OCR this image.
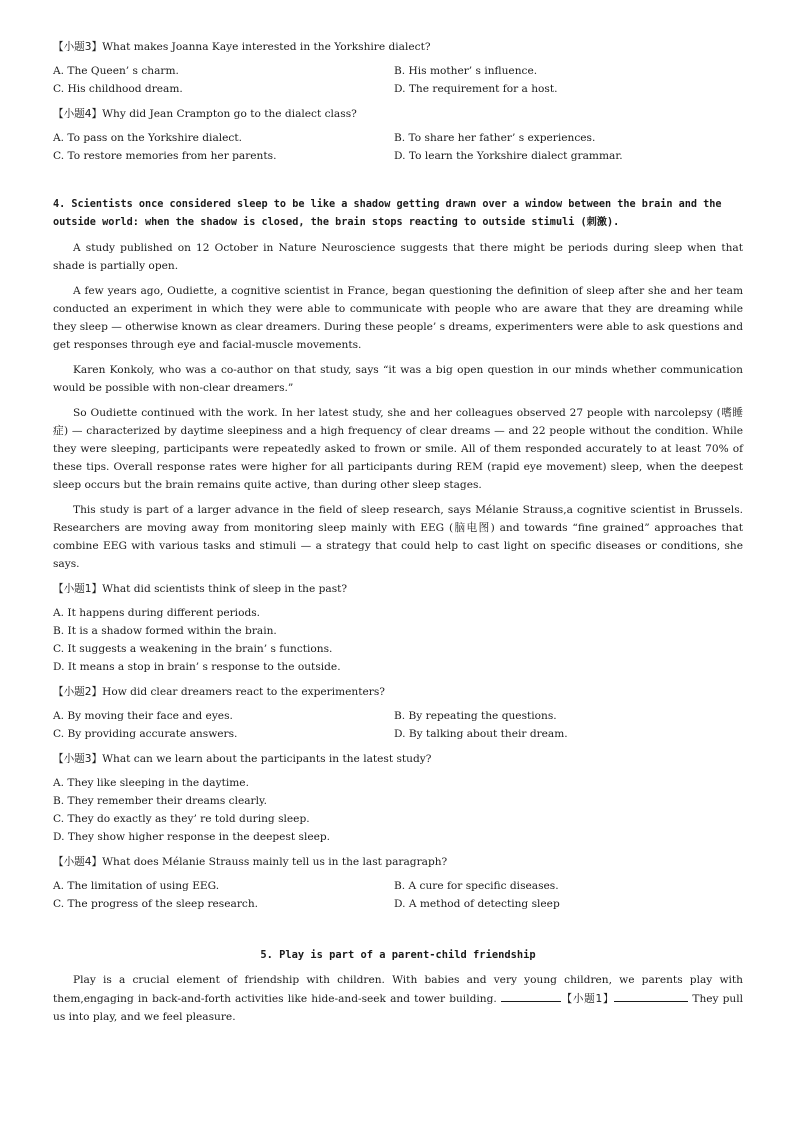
【小题3】What makes Joanna Kaye interested in the Yorkshire dialect?
A. The Queen’ s charm.	B. His mother’ s influence.
C. His childhood dream.	D. The requirement for a host.
【小题4】Why did Jean Crampton go to the dialect class?
A. To pass on the Yorkshire dialect.	B. To share her father’ s experiences.
C. To restore memories from her parents.	D. To learn the Yorkshire dialect grammar.
4. Scientists once considered sleep to be like a shadow getting drawn over a window between the brain and the outside world: when the shadow is closed, the brain stops reacting to outside stimuli (刺激).
A study published on 12 October in Nature Neuroscience suggests that there might be periods during sleep when that shade is partially open.
A few years ago, Oudiette, a cognitive scientist in France, began questioning the definition of sleep after she and her team conducted an experiment in which they were able to communicate with people who are aware that they are dreaming while they sleep — otherwise known as clear dreamers. During these people’ s dreams, experimenters were able to ask questions and get responses through eye and facial-muscle movements.
Karen Konkoly, who was a co-author on that study, says “it was a big open question in our minds whether communication would be possible with non-clear dreamers.”
So Oudiette continued with the work. In her latest study, she and her colleagues observed 27 people with narcolepsy (嗜睡症) — characterized by daytime sleepiness and a high frequency of clear dreams — and 22 people without the condition. While they were sleeping, participants were repeatedly asked to frown or smile. All of them responded accurately to at least 70% of these tips. Overall response rates were higher for all participants during REM (rapid eye movement) sleep, when the deepest sleep occurs but the brain remains quite active, than during other sleep stages.
This study is part of a larger advance in the field of sleep research, says Mélanie Strauss,a cognitive scientist in Brussels. Researchers are moving away from monitoring sleep mainly with EEG (脑电图) and towards “fine grained” approaches that combine EEG with various tasks and stimuli — a strategy that could help to cast light on specific diseases or conditions, she says.
【小题1】What did scientists think of sleep in the past?
A. It happens during different periods.
B. It is a shadow formed within the brain.
C. It suggests a weakening in the brain’ s functions.
D. It means a stop in brain’ s response to the outside.
【小题2】How did clear dreamers react to the experimenters?
A. By moving their face and eyes.	B. By repeating the questions.
C. By providing accurate answers.	D. By talking about their dream.
【小题3】What can we learn about the participants in the latest study?
A. They like sleeping in the daytime.
B. They remember their dreams clearly.
C. They do exactly as they’ re told during sleep.
D. They show higher response in the deepest sleep.
【小题4】What does Mélanie Strauss mainly tell us in the last paragraph?
A. The limitation of using EEG.	B. A cure for specific diseases.
C. The progress of the sleep research.	D. A method of detecting sleep
5. Play is part of a parent-child friendship
Play is a crucial element of friendship with children. With babies and very young children, we parents play with them,engaging in back-and-forth activities like hide-and-seek and tower building.	【小题1】	They pull us into play, and we feel pleasure.
